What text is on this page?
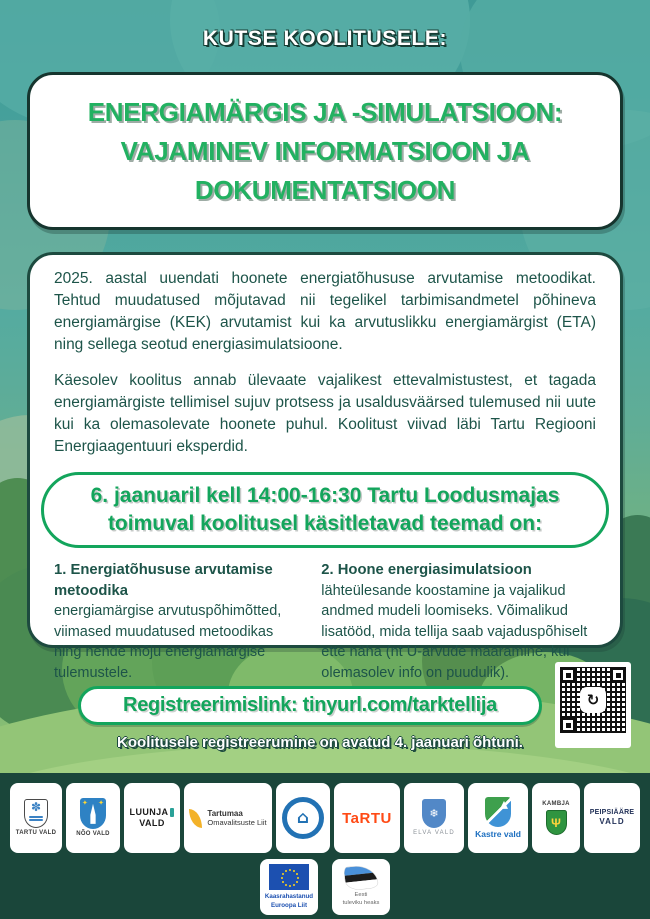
KUTSE KOOLITUSELE:
ENERGIAMÄRGIS JA -SIMULATSIOON:
VAJAMINEV INFORMATSIOON JA
DOKUMENTATSIOON

2025. aastal uuendati hoonete energiatõhususe arvutamise metoodikat. Tehtud muudatused mõjutavad nii tegelikel tarbimisandmetel põhineva energiamärgise (KEK) arvutamist kui ka arvutuslikku energiamärgist (ETA) ning sellega seotud energiasimulatsioone.

Käesolev koolitus annab ülevaate vajalikest ettevalmistustest, et tagada energiamärgiste tellimisel sujuv protsess ja usaldusväärsed tulemused nii uute kui ka olemasolevate hoonete puhul. Koolitust viivad läbi Tartu Regiooni Energiaagentuuri eksperdid.

6. jaanuaril kell 14:00-16:30 Tartu Loodusmajas toimuval koolitusel käsitletavad teemad on:
1. Energiatõhususe arvutamise metoodika

energiamärgise arvutuspõhimõtted, viimased muudatused metoodikas ning nende mõju energiamärgise tulemustele.

2. Hoone energiasimulatsioon

lähteülesande koostamine ja vajalikud andmed mudeli loomiseks. Võimalikud lisatööd, mida tellija saab vajaduspõhiselt ette näha (nt U-arvude määramine, kui olemasolev info on puudulik).

Registreerimislink: tinyurl.com/tarktellija
Koolitusele registreerumine on avatud 4. jaanuari õhtuni.
↻
✽
TARTU VALD
✦ ✦
NÕO VALD
LUUNJA
VALD
Tartumaa
Omavalitsuste Liit ⌂ TaRTU	❄
ELVA VALD Kastre vald
KAMBJA
Ψ
PEIPSIÄÄRE
VALD
Kaasrahastanud
Euroopa Liit
Eesti
tuleviku heaks
